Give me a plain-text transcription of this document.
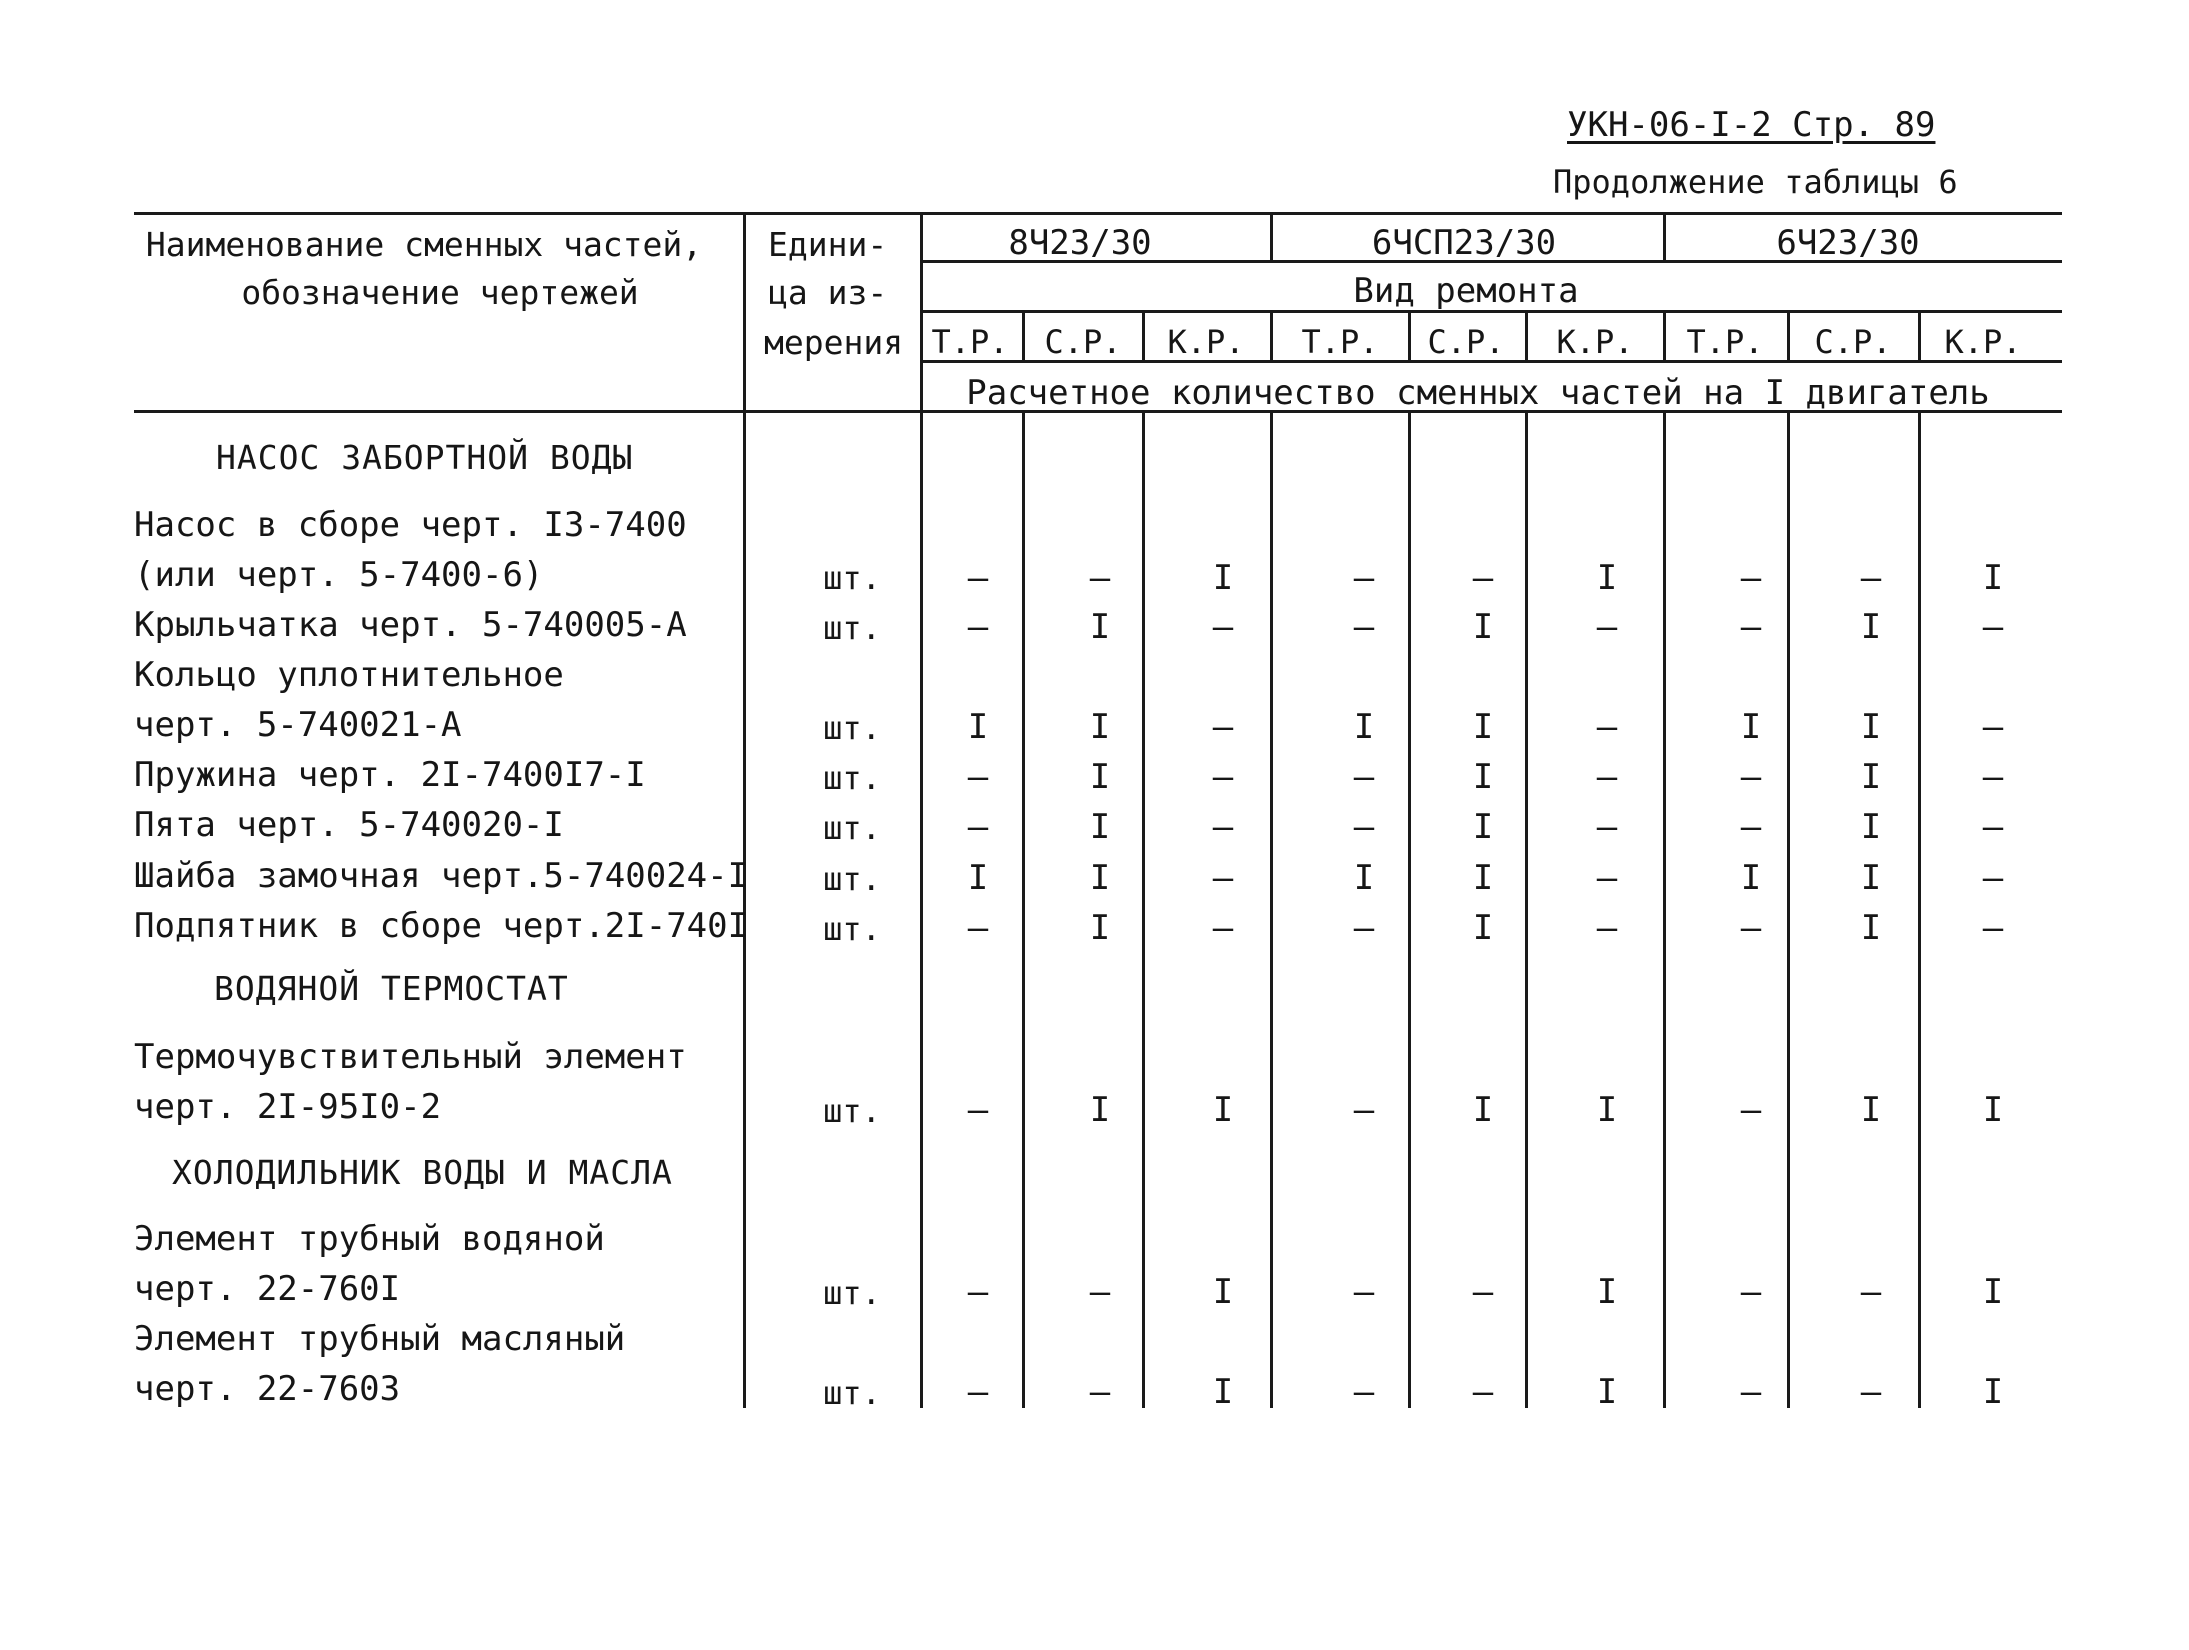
УКН-06-I-2 Стр. 89
Продолжение таблицы 6
Наименование сменных частей,
обозначение чертежей
Едини-
ца из-
мерения
8Ч23/30	6ЧСП23/30	6Ч23/30
Вид ремонта
Т.Р. С.Р. К.Р. Т.Р. С.Р. К.Р. Т.Р. С.Р. К.Р.
Расчетное количество сменных частей на I двигатель
НАСОС ЗАБОРТНОЙ ВОДЫ
Насос в сборе черт. I3-7400
(или черт. 5-7400-6)	шт.	–	–	I	–	–	I	–	–	I
Крыльчатка черт. 5-740005-А	шт.	–	I	–	–	I	–	–	I	–
Кольцо уплотнительное
черт. 5-740021-А	шт.	I	I	–	I	I	–	I	I	–
Пружина черт. 2I-7400I7-I	шт.	–	I	–	–	I	–	–	I	–
Пята черт. 5-740020-I	шт.	–	I	–	–	I	–	–	I	–
Шайба замочная черт.5-740024-I шт.	I	I	–	I	I	–	I	I	–
Подпятник в сборе черт.2I-740I шт.	–	I	–	–	I	–	–	I	–
ВОДЯНОЙ ТЕРМОСТАТ
Термочувствительный элемент
черт. 2I-95I0-2	шт.	–	I	I	–	I	I	–	I	I
ХОЛОДИЛЬНИК ВОДЫ И МАСЛА
Элемент трубный водяной
черт. 22-760I	шт.	–	–	I	–	–	I	–	–	I
Элемент трубный масляный
черт. 22-7603	шт.	–	–	I	–	–	I	–	–	I
